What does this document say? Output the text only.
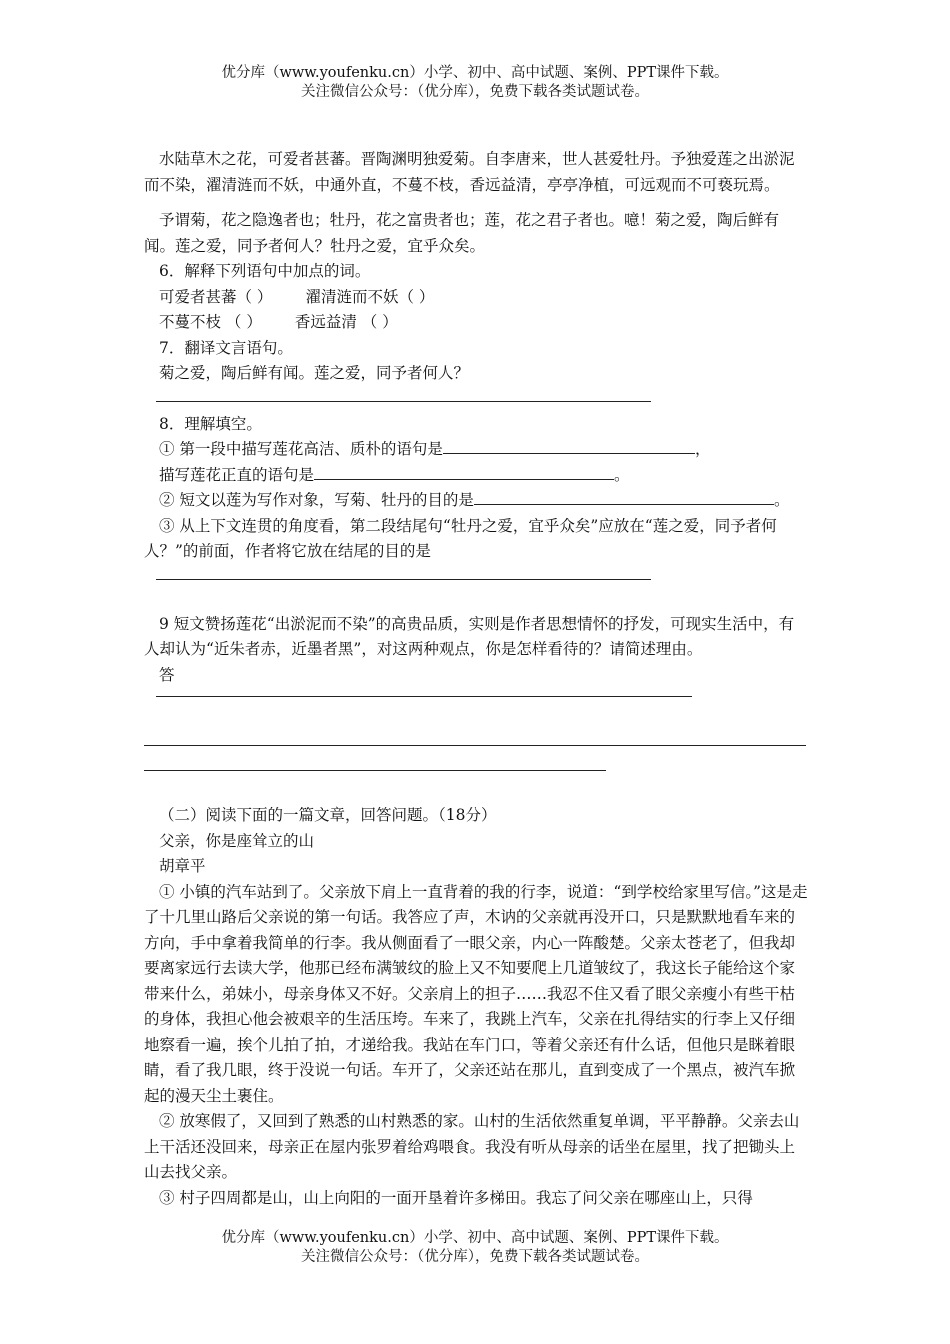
优分库（www.youfenku.cn）小学、初中、高中试题、案例、PPT课件下载。
关注微信公众号：（优分库），免费下载各类试题试卷。

水陆草木之花，可爱者甚蕃。晋陶渊明独爱菊。自李唐来，世人甚爱牡丹。予独爱莲之出淤泥而不染，濯清涟而不妖，中通外直，不蔓不枝，香远益清，亭亭净植，可远观而不可亵玩焉。

予谓菊，花之隐逸者也；牡丹，花之富贵者也；莲，花之君子者也。噫！菊之爱，陶后鲜有闻。莲之爱，同予者何人？牡丹之爱，宜乎众矣。

6．解释下列语句中加点的词。

可爱者甚蕃（ ）	濯清涟而不妖（ ）
不蔓不枝 （ ）	香远益清 （ ）

7．翻译文言语句。

菊之爱，陶后鲜有闻。莲之爱，同予者何人？

8．理解填空。

① 第一段中描写莲花高洁、质朴的语句是	，

描写莲花正直的语句是	。

② 短文以莲为写作对象，写菊、牡丹的目的是	。

③ 从上下文连贯的角度看，第二段结尾句“牡丹之爱，宜乎众矣”应放在“莲之爱，同予者何人？”的前面，作者将它放在结尾的目的是

9 短文赞扬莲花“出淤泥而不染”的高贵品质，实则是作者思想情怀的抒发，可现实生活中，有人却认为“近朱者赤，近墨者黑”，对这两种观点，你是怎样看待的？请简述理由。

答

（二）阅读下面的一篇文章，回答问题。（18分）

父亲，你是座耸立的山

胡章平

① 小镇的汽车站到了。父亲放下肩上一直背着的我的行李，说道：“到学校给家里写信。”这是走了十几里山路后父亲说的第一句话。我答应了声，木讷的父亲就再没开口，只是默默地看车来的方向，手中拿着我简单的行李。我从侧面看了一眼父亲，内心一阵酸楚。父亲太苍老了，但我却要离家远行去读大学，他那已经布满皱纹的脸上又不知要爬上几道皱纹了，我这长子能给这个家带来什么，弟妹小，母亲身体又不好。父亲肩上的担子……我忍不住又看了眼父亲瘦小有些干枯的身体，我担心他会被艰辛的生活压垮。车来了，我跳上汽车，父亲在扎得结实的行李上又仔细地察看一遍，挨个儿拍了拍，才递给我。我站在车门口，等着父亲还有什么话，但他只是眯着眼睛，看了我几眼，终于没说一句话。车开了，父亲还站在那儿，直到变成了一个黑点，被汽车掀起的漫天尘土裹住。

② 放寒假了，又回到了熟悉的山村熟悉的家。山村的生活依然重复单调，平平静静。父亲去山上干活还没回来，母亲正在屋内张罗着给鸡喂食。我没有听从母亲的话坐在屋里，找了把锄头上山去找父亲。

③ 村子四周都是山，山上向阳的一面开垦着许多梯田。我忘了问父亲在哪座山上，只得

优分库（www.youfenku.cn）小学、初中、高中试题、案例、PPT课件下载。
关注微信公众号：（优分库），免费下载各类试题试卷。
